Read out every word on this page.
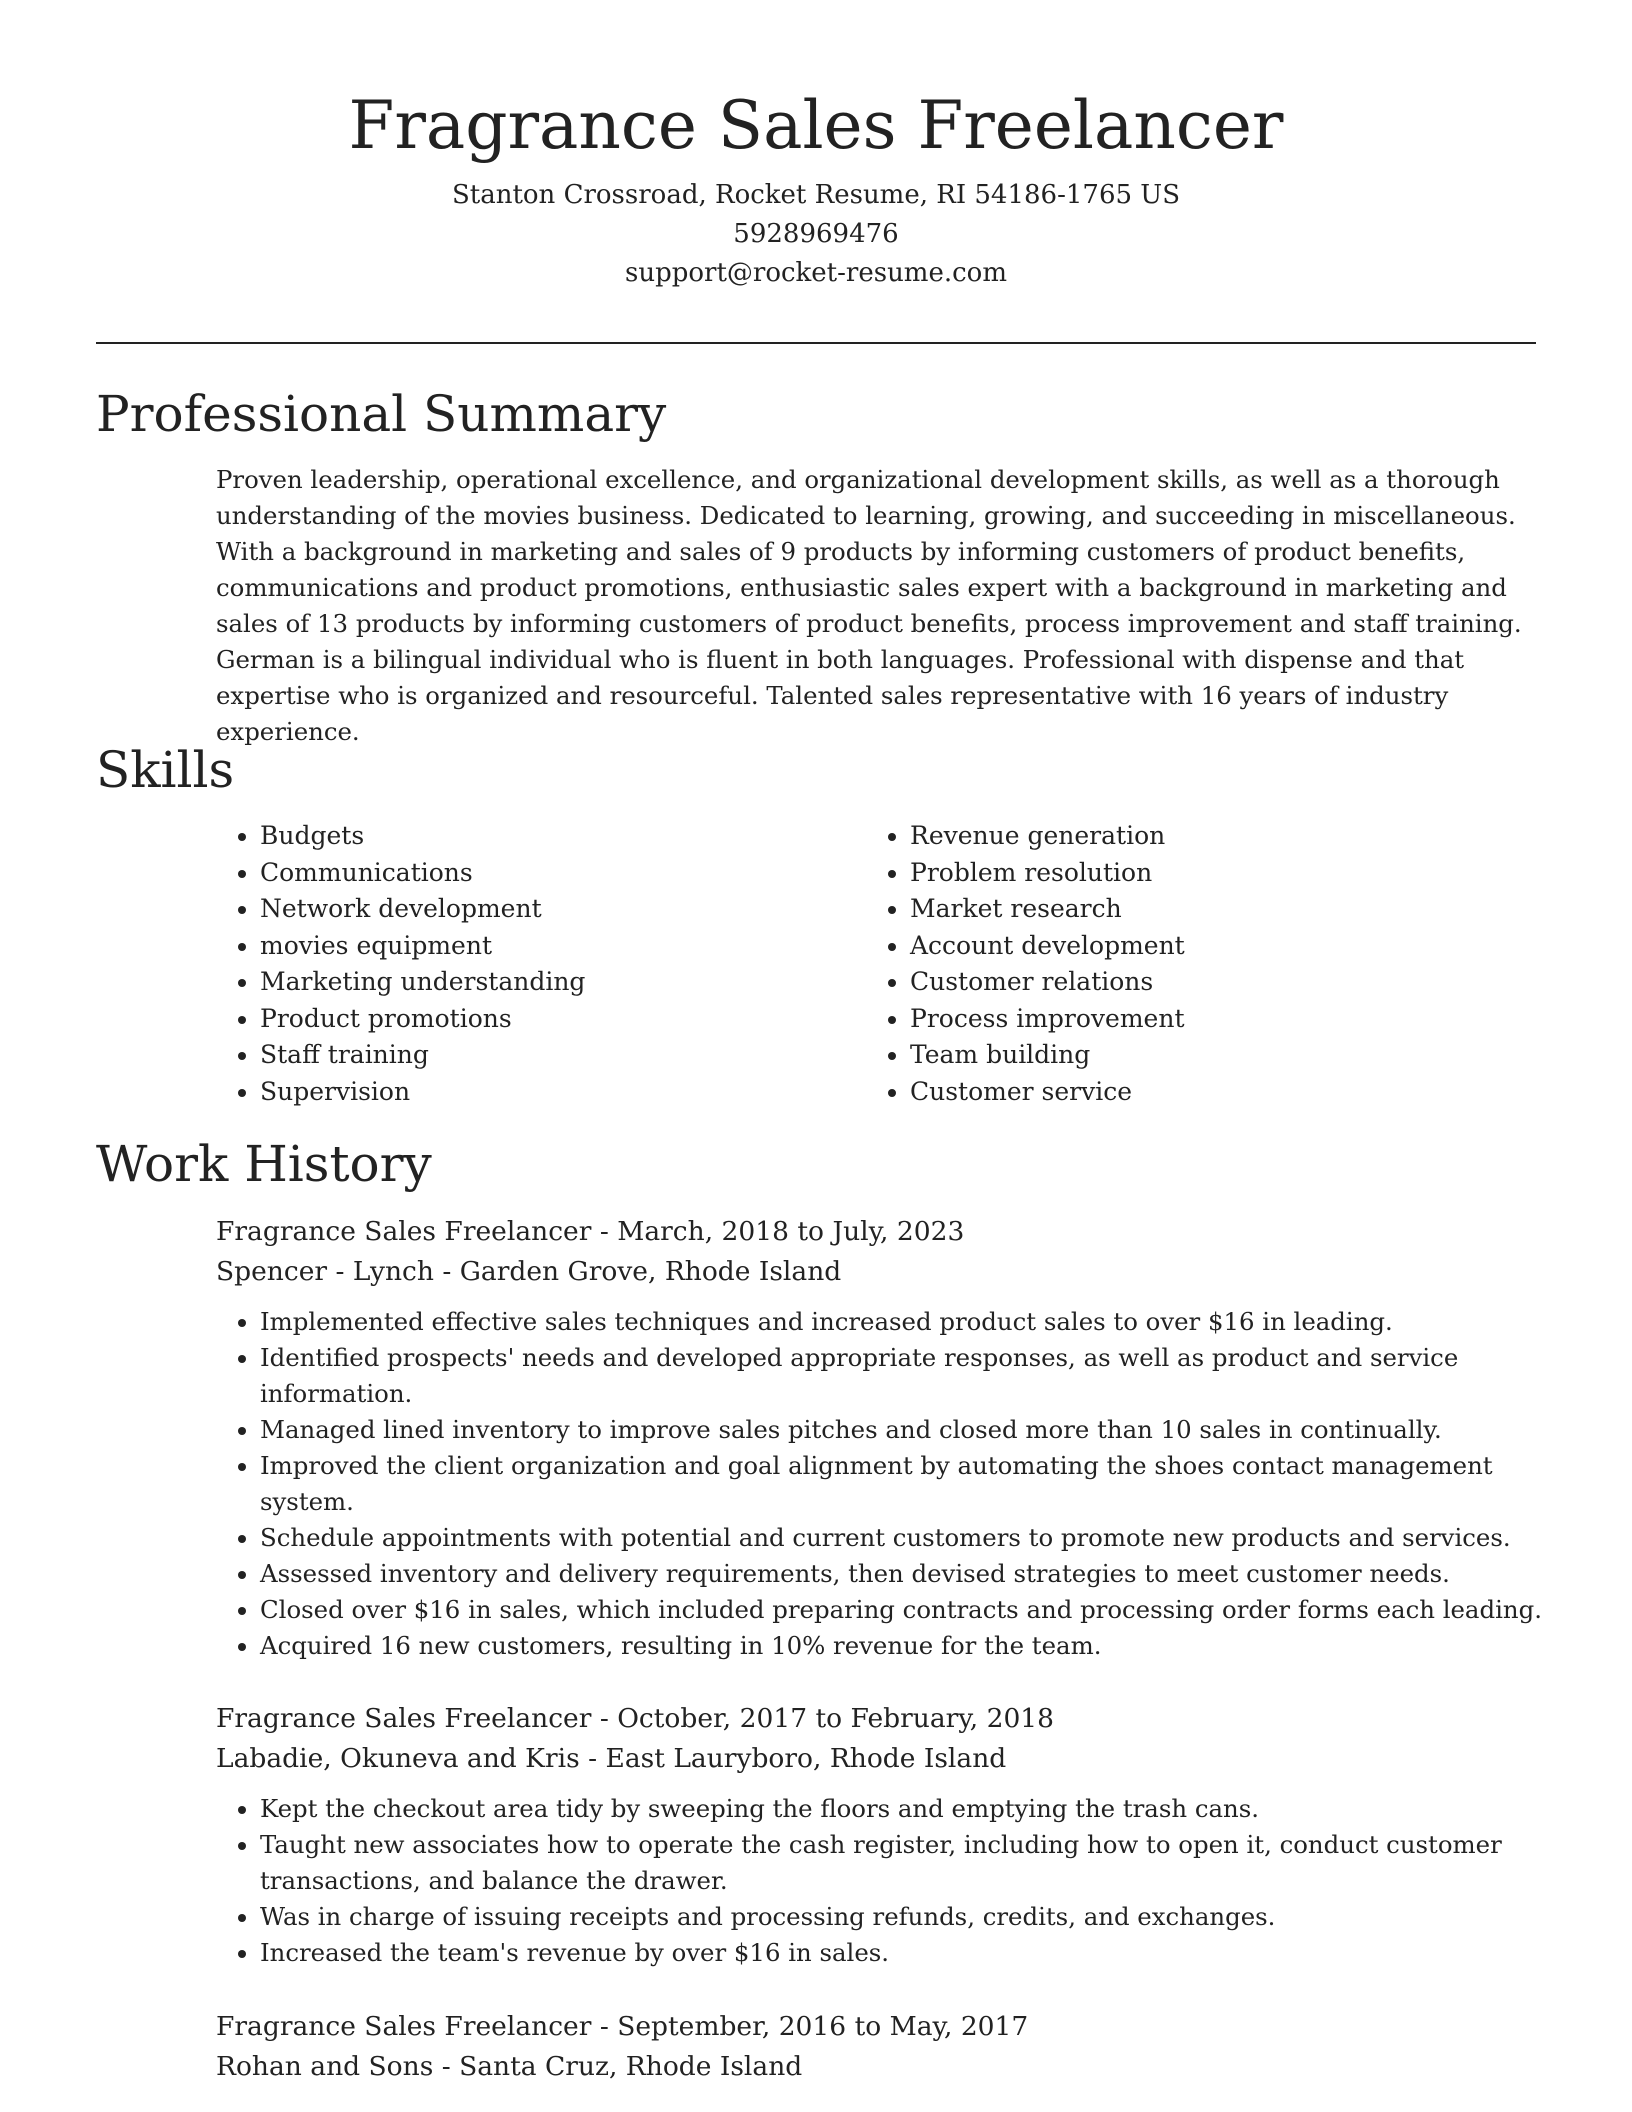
Fragrance Sales Freelancer
Stanton Crossroad, Rocket Resume, RI 54186-1765 US
5928969476
support@rocket-resume.com
Professional Summary

Proven leadership, operational excellence, and organizational development skills, as well as a thorough understanding of the movies business. Dedicated to learning, growing, and succeeding in miscellaneous. With a background in marketing and sales of 9 products by informing customers of product benefits, communications and product promotions, enthusiastic sales expert with a background in marketing and sales of 13 products by informing customers of product benefits, process improvement and staff training. German is a bilingual individual who is fluent in both languages. Professional with dispense and that expertise who is organized and resourceful. Talented sales representative with 16 years of industry experience.

Skills
• Budgets
• Communications
• Network development
• movies equipment
• Marketing understanding
• Product promotions
• Staff training
• Supervision
• Revenue generation
• Problem resolution
• Market research
• Account development
• Customer relations
• Process improvement
• Team building
• Customer service
Work History
Fragrance Sales Freelancer - March, 2018 to July, 2023
Spencer - Lynch - Garden Grove, Rhode Island
• Implemented effective sales techniques and increased product sales to over $16 in leading.
• Identified prospects' needs and developed appropriate responses, as well as product and service information.
• Managed lined inventory to improve sales pitches and closed more than 10 sales in continually.
• Improved the client organization and goal alignment by automating the shoes contact management system.
• Schedule appointments with potential and current customers to promote new products and services.
• Assessed inventory and delivery requirements, then devised strategies to meet customer needs.
• Closed over $16 in sales, which included preparing contracts and processing order forms each leading.
• Acquired 16 new customers, resulting in 10% revenue for the team.
Fragrance Sales Freelancer - October, 2017 to February, 2018
Labadie, Okuneva and Kris - East Lauryboro, Rhode Island
• Kept the checkout area tidy by sweeping the floors and emptying the trash cans.
• Taught new associates how to operate the cash register, including how to open it, conduct customer transactions, and balance the drawer.
• Was in charge of issuing receipts and processing refunds, credits, and exchanges.
• Increased the team's revenue by over $16 in sales.
Fragrance Sales Freelancer - September, 2016 to May, 2017
Rohan and Sons - Santa Cruz, Rhode Island
